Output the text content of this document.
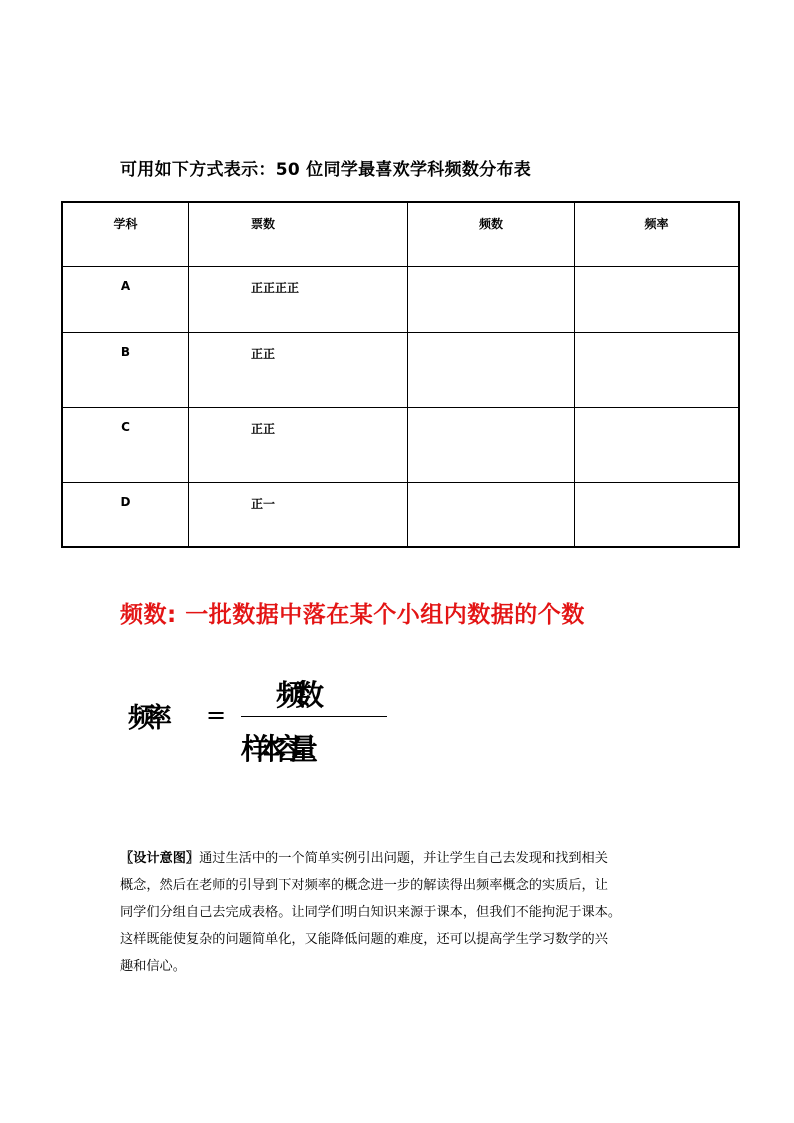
可用如下方式表示：50 位同学最喜欢学科频数分布表
学科	票数	频数	频率

A	正正正正		

B	正正		

C	正正		

D	正一		

频数: 一批数据中落在某个小组内数据的个数
频率 =
频数
样本容量

〖设计意图〗通过生活中的一个简单实例引出问题，并让学生自己去发现和找到相关

概念，然后在老师的引导到下对频率的概念进一步的解读得出频率概念的实质后，让

同学们分组自己去完成表格。让同学们明白知识来源于课本，但我们不能拘泥于课本。

这样既能使复杂的问题简单化，又能降低问题的难度，还可以提高学生学习数学的兴

趣和信心。
